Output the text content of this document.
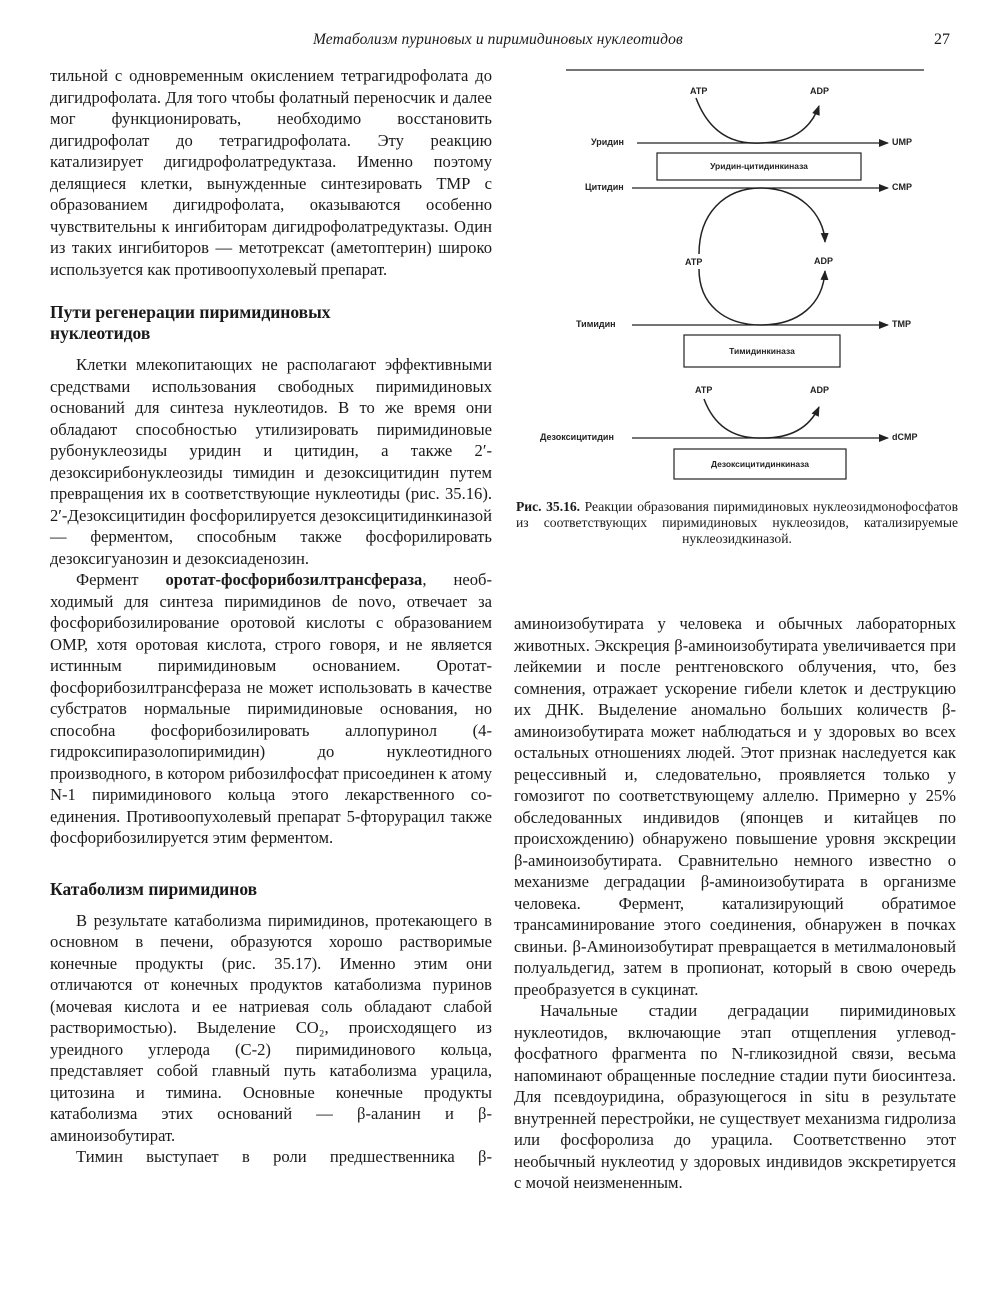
Метаболизм пуриновых и пиримидиновых нуклеотидов	27

тильной с одновременным окислением тетрагидрофолата до дигидрофолата. Для того чтобы фолатный переносчик и далее мог функционировать, необходимо восстановить дигидрофолат до тетрагидрофолата. Эту реакцию катализирует дигидрофолатредуктаза. Именно поэтому делящиеся клетки, вынужденные синтезировать ТМР с образованием дигидрофолата, оказываются особенно чувствительны к ингибиторам дигидрофолатредуктазы. Один из таких ингибиторов — метотрексат (аметоптерин) широко используется как противоопухолевый препарат.

Пути регенерации пиримидиновых нуклеотидов

Клетки млекопитающих не располагают эффективными средствами использования свободных пиримидиновых оснований для синтеза нуклеотидов. В то же время они обладают способностью утилизировать пиримидиновые рубонуклеозиды уридин и цитидин, а также 2′-дезоксирибонуклеозиды тимидин и дезоксицитидин путем превращения их в соответствующие нуклеотиды (рис. 35.16). 2′-Дезоксицитидин фосфорилируется дезоксицитидинкиназой — ферментом, способным также фосфорилировать дезоксигуанозин и дезоксиаденозин.

Фермент оротат-фосфорибозилтрансфераза, необходимый для синтеза пиримидинов de novo, отвечает за фосфорибозилирование оротовой кислоты с образованием ОМР, хотя оротовая кислота, строго говоря, и не является истинным пиримидиновым основанием. Оротат-фосфорибозилтрансфераза не может использовать в качестве субстратов нормальные пиримидиновые основания, но способна фосфорибозилировать аллопуринол (4-гидроксипиразолопиримидин) до нуклеотидного производного, в котором рибозилфосфат присоединен к атому N-1 пиримидинового кольца этого лекарственного соединения. Противоопухолевый препарат 5-фторурацил также фосфорибозилируется этим ферментом.

Катаболизм пиримидинов

В результате катаболизма пиримидинов, протекающего в основном в печени, образуются хорошо растворимые конечные продукты (рис. 35.17). Именно этим они отличаются от конечных продуктов катаболизма пуринов (мочевая кислота и ее натриевая соль обладают слабой растворимостью). Выделение СО₂, происходящего из уреидного углерода (С-2) пиримидинового кольца, представляет собой главный путь катаболизма урацила, цитозина и тимина. Основные конечные продукты катаболизма этих оснований — β-аланин и β-аминоизобутират.

Тимин выступает в роли предшественника β-

ATP	ADP
Уридин	UMP
Уридин-цитидинкиназа
Цитидин	CMP
ATP	ADP
Тимидин	TMP
Тимидинкиназа
ATP	ADP
Дезоксицитидин	dCMP
Дезоксицитидинкиназа
Рис. 35.16. Реакции образования пиримидиновых нуклеозидмонофосфатов из соответствующих пиримидиновых нуклеозидов, катализируемые нуклеозидкиназой.

аминоизобутирата у человека и обычных лабораторных животных. Экскреция β-аминоизобутирата увеличивается при лейкемии и после рентгеновского облучения, что, без сомнения, отражает ускорение гибели клеток и деструкцию их ДНК. Выделение аномально больших количеств β-аминоизобутирата может наблюдаться и у здоровых во всех остальных отношениях людей. Этот признак наследуется как рецессивный и, следовательно, проявляется только у гомозигот по соответствующему аллелю. Примерно у 25% обследованных индивидов (японцев и китайцев по происхождению) обнаружено повышение уровня экскреции β-аминоизобутирата. Сравнительно немного известно о механизме деградации β-аминоизобутирата в организме человека. Фермент, катализирующий обратимое трансаминирование этого соединения, обнаружен в почках свиньи. β-Аминоизобутират превращается в метилмалоновый полуальдегид, затем в пропионат, который в свою очередь преобразуется в сукцинат.

Начальные стадии деградации пиримидиновых нуклеотидов, включающие этап отщепления углевод-фосфатного фрагмента по N-гликозидной связи, весьма напоминают обращенные последние стадии пути биосинтеза. Для псевдоуридина, образующегося in situ в результате внутренней перестройки, не существует механизма гидролиза или фосфоролиза до урацила. Соответственно этот необычный нуклеотид у здоровых индивидов экскретируется с мочой неизмененным.
